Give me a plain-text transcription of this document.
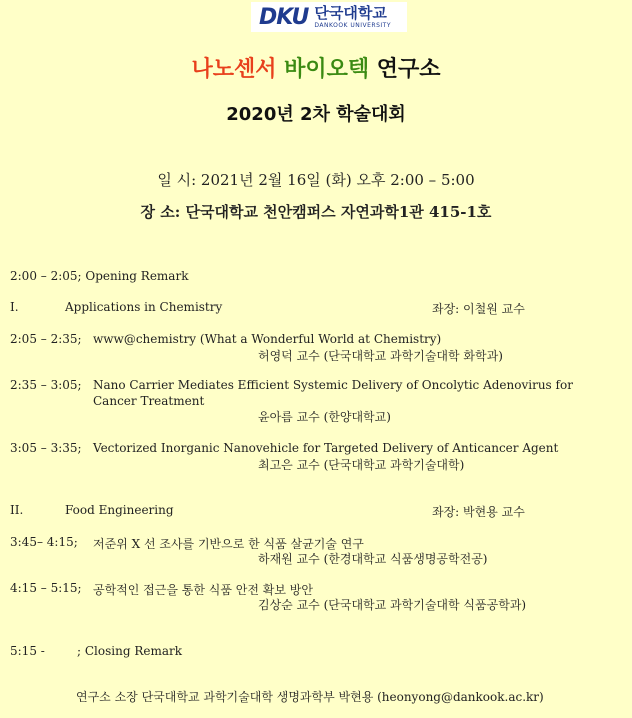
DKU 단국대학교
DANKOOK UNIVERSITY
나노센서 바이오텍 연구소
2020년 2차 학술대회
일 시: 2021년 2월 16일 (화) 오후 2:00 – 5:00
장 소: 단국대학교 천안캠퍼스 자연과학1관 415-1호
2:00 – 2:05; Opening Remark
I.	Applications in Chemistry	좌장: 이철원 교수
2:05 – 2:35; www@chemistry (What a Wonderful World at Chemistry)
허영덕 교수 (단국대학교 과학기술대학 화학과)
2:35 – 3:05; Nano Carrier Mediates Efficient Systemic Delivery of Oncolytic Adenovirus for
Cancer Treatment
윤아름 교수 (한양대학교)
3:05 – 3:35; Vectorized Inorganic Nanovehicle for Targeted Delivery of Anticancer Agent
최고은 교수 (단국대학교 과학기술대학)
II.	Food Engineering	좌장: 박현용 교수
3:45– 4:15; 저준위 X 선 조사를 기반으로 한 식품 살균기술 연구
하재원 교수 (한경대학교 식품생명공학전공)
4:15 – 5:15; 공학적인 접근을 통한 식품 안전 확보 방안
김상순 교수 (단국대학교 과학기술대학 식품공학과)
5:15 -	; Closing Remark
연구소 소장 단국대학교 과학기술대학 생명과학부 박현용 (heonyong@dankook.ac.kr)
